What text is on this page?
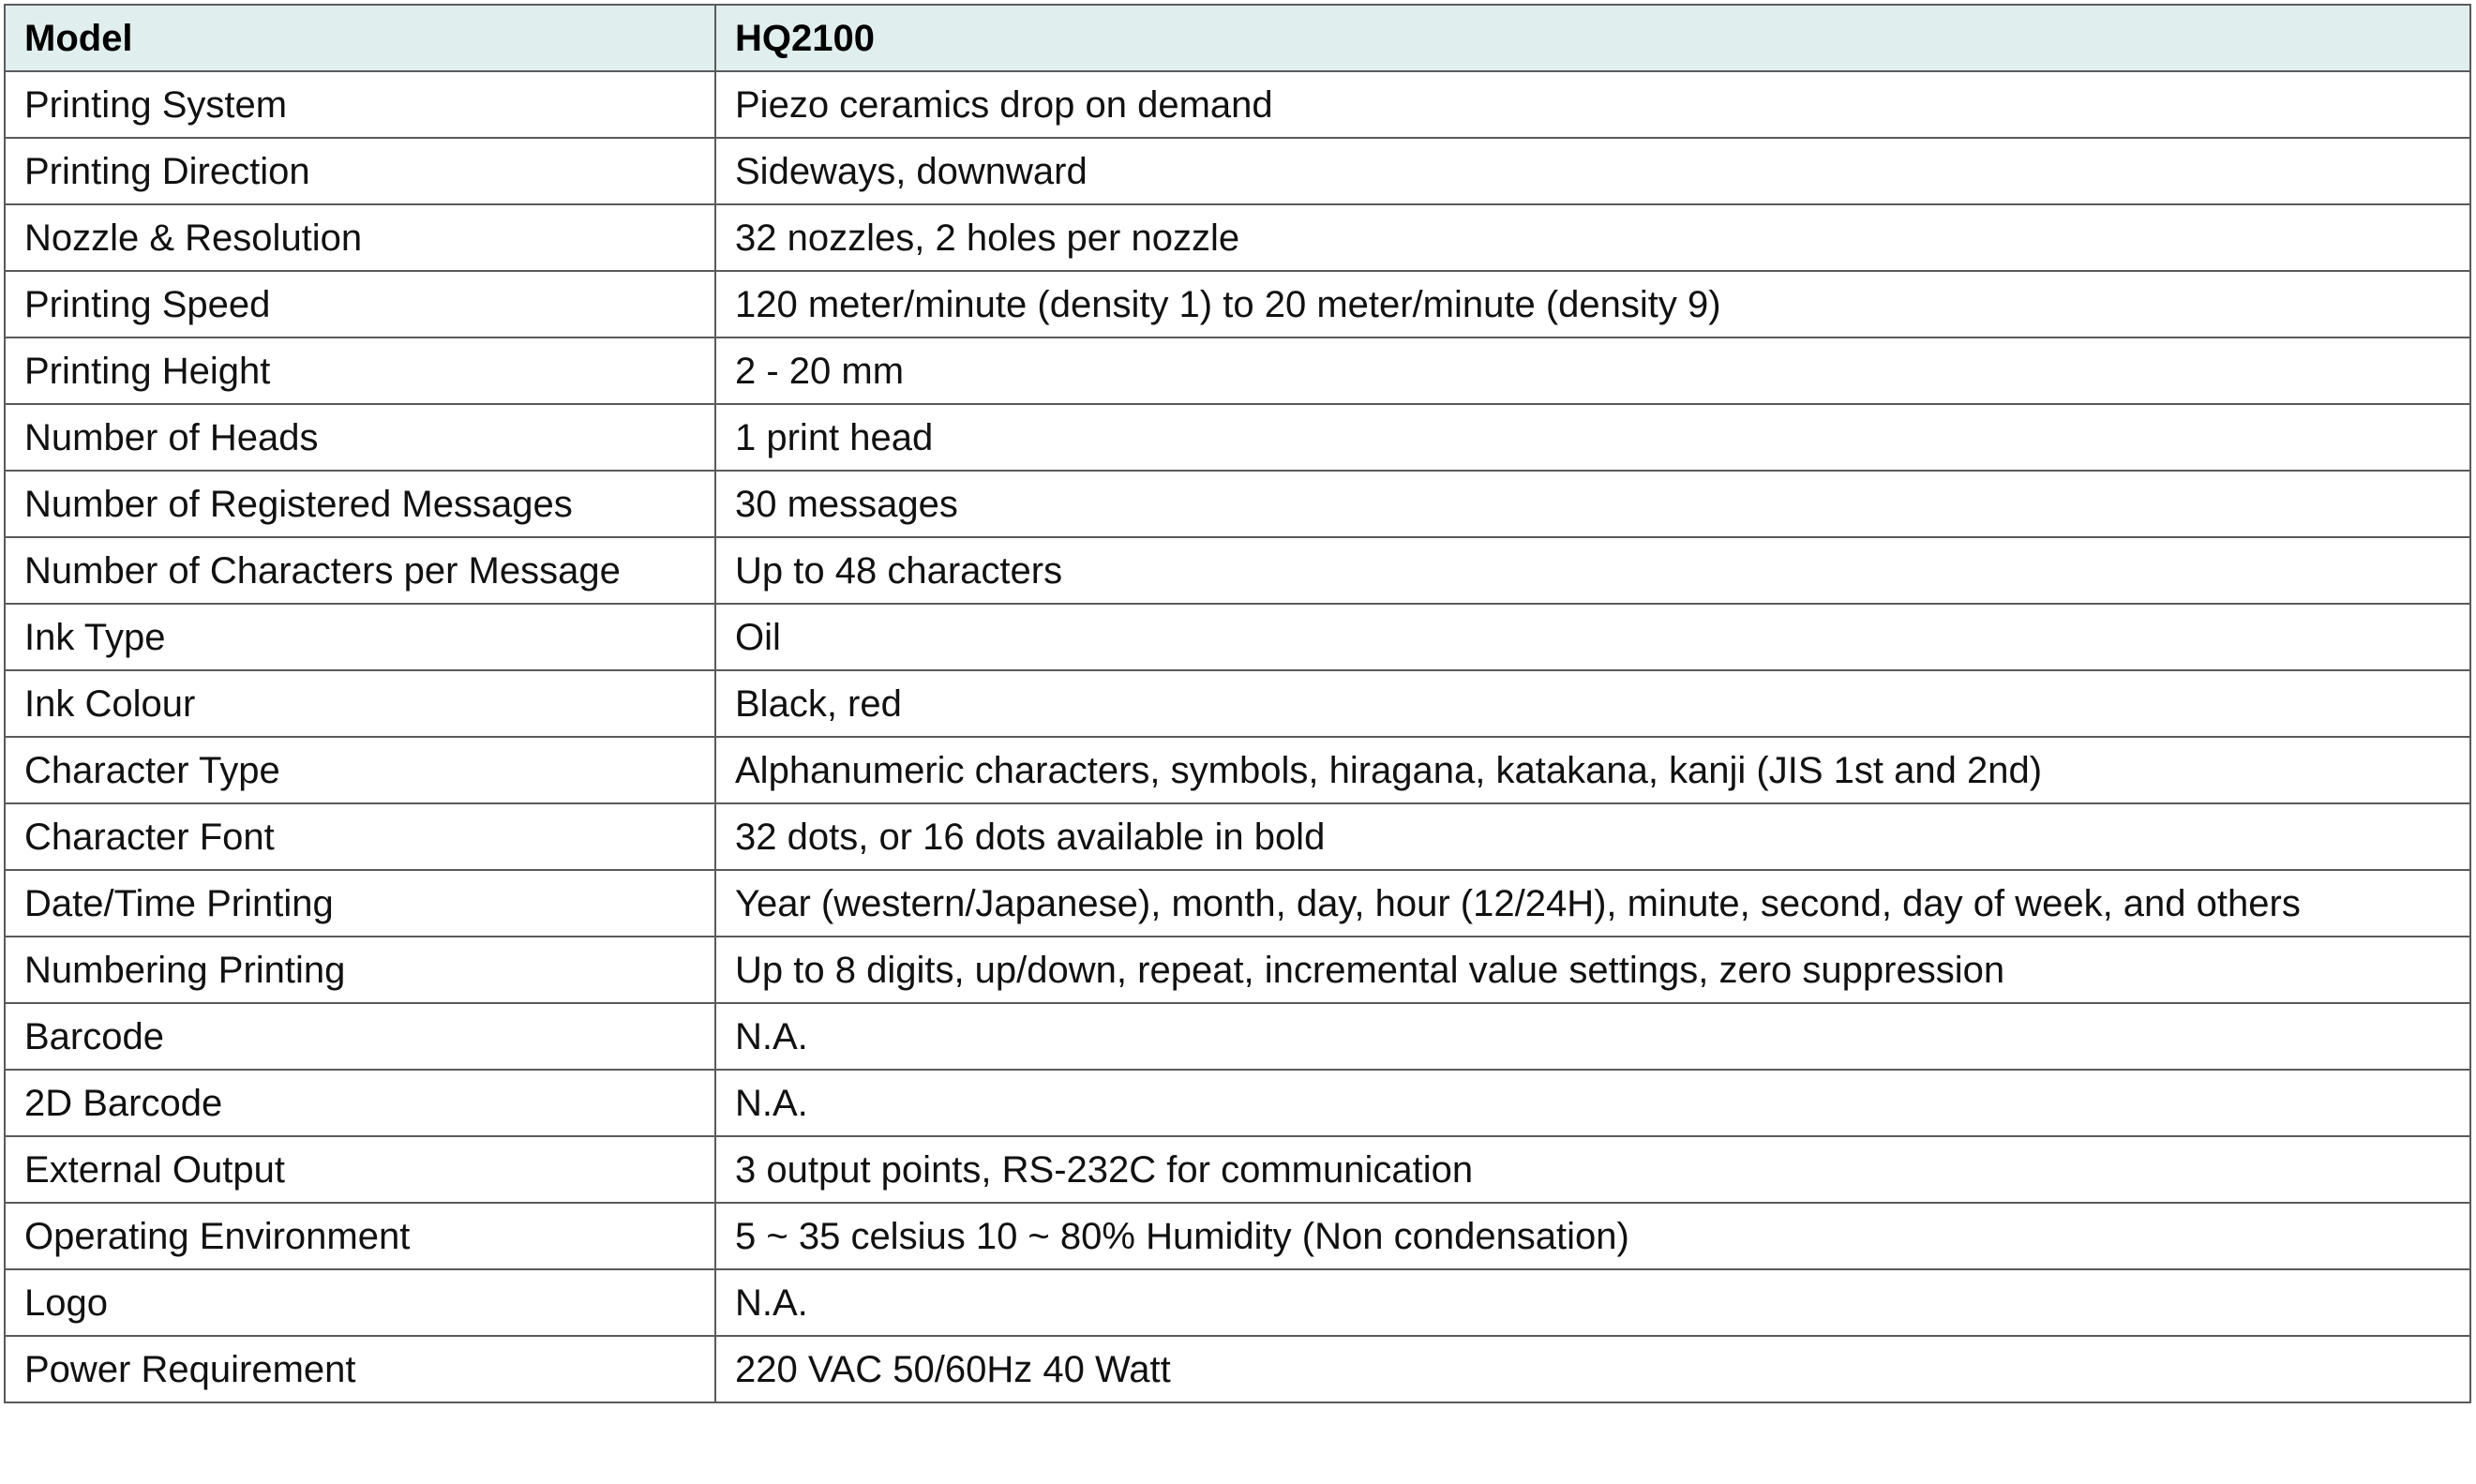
Model	HQ2100
Printing System	Piezo ceramics drop on demand
Printing Direction	Sideways, downward
Nozzle & Resolution	32 nozzles, 2 holes per nozzle
Printing Speed	120 meter/minute (density 1) to 20 meter/minute (density 9)
Printing Height	2 - 20 mm
Number of Heads	1 print head
Number of Registered Messages	30 messages
Number of Characters per Message	Up to 48 characters
Ink Type	Oil
Ink Colour	Black, red
Character Type	Alphanumeric characters, symbols, hiragana, katakana, kanji (JIS 1st and 2nd)
Character Font	32 dots, or 16 dots available in bold
Date/Time Printing	Year (western/Japanese), month, day, hour (12/24H), minute, second, day of week, and others
Numbering Printing	Up to 8 digits, up/down, repeat, incremental value settings, zero suppression
Barcode	N.A.
2D Barcode	N.A.
External Output	3 output points, RS-232C for communication
Operating Environment	5 ~ 35 celsius 10 ~ 80% Humidity (Non condensation)
Logo	N.A.
Power Requirement	220 VAC 50/60Hz 40 Watt
